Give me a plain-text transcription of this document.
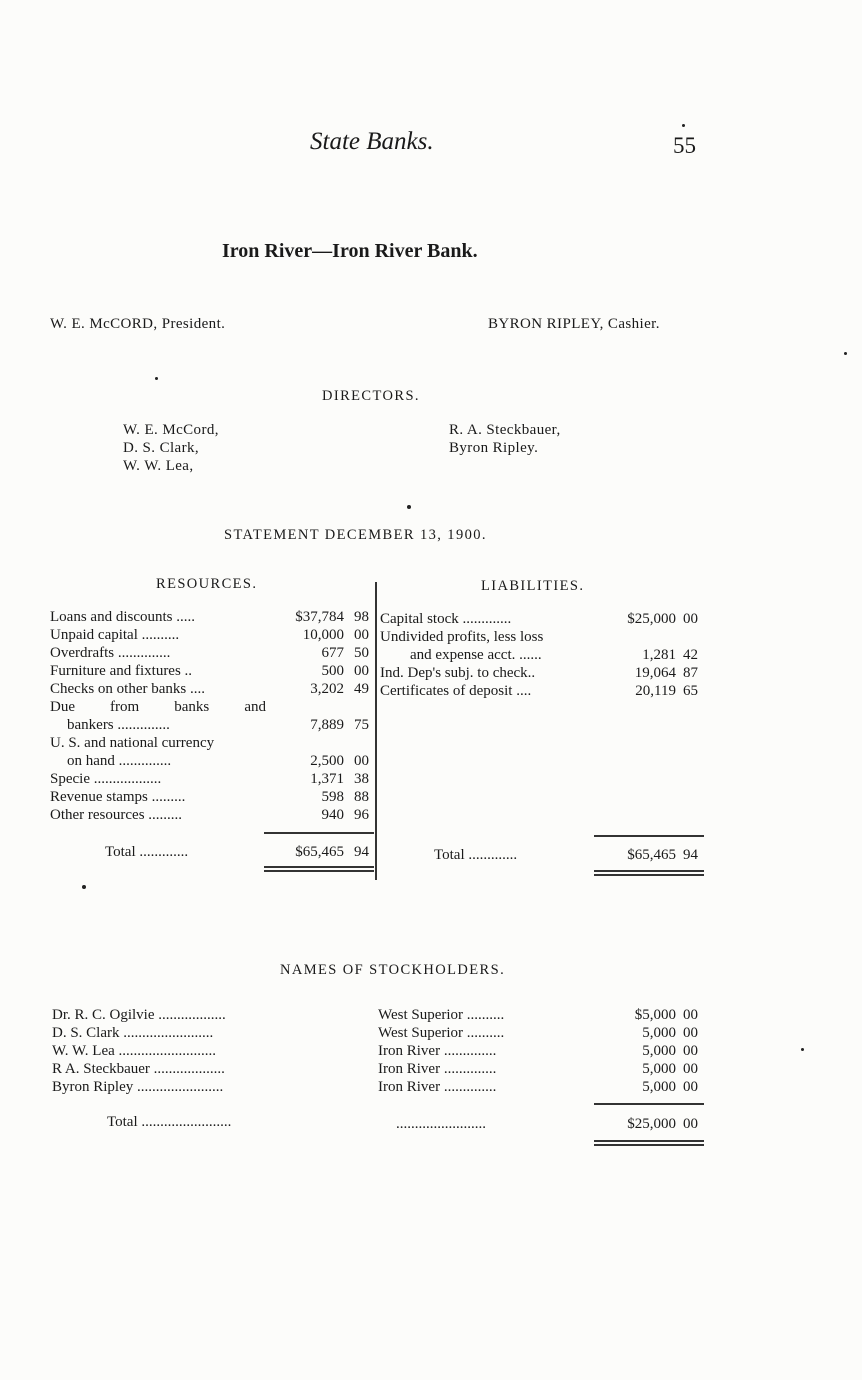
State Banks.	55
Iron River—Iron River Bank.
W. E. McCORD, President.	BYRON RIPLEY, Cashier.
DIRECTORS.
W. E. McCord,
D. S. Clark,
W. W. Lea,
R. A. Steckbauer,
Byron Ripley.
STATEMENT DECEMBER 13, 1900.
RESOURCES.	LIABILITIES.
Loans and discounts .....	$37,784 98
Unpaid capital ..........	10,000 00
Overdrafts ..............	677 50
Furniture and fixtures ..	500 00
Checks on other banks ....	3,202 49
Due from banks and
bankers ..............	7,889 75
U. S. and national currency
on hand ..............	2,500 00
Specie ..................	1,371 38
Revenue stamps .........	598 88
Other resources .........	940 96
Total .............	$65,465 94
Capital stock .............	$25,000 00
Undivided profits, less loss
and expense acct. ......	1,281 42
Ind. Dep's subj. to check..	19,064 87
Certificates of deposit ....	20,119 65
Total .............	$65,465 94
NAMES OF STOCKHOLDERS.
Dr. R. C. Ogilvie ..................	West Superior ..........	$5,000 00
D. S. Clark ........................	West Superior ..........	5,000 00
W. W. Lea ..........................	Iron River ..............	5,000 00
R A. Steckbauer ...................	Iron River ..............	5,000 00
Byron Ripley .......................	Iron River ..............	5,000 00
Total ........................	........................	$25,000 00
